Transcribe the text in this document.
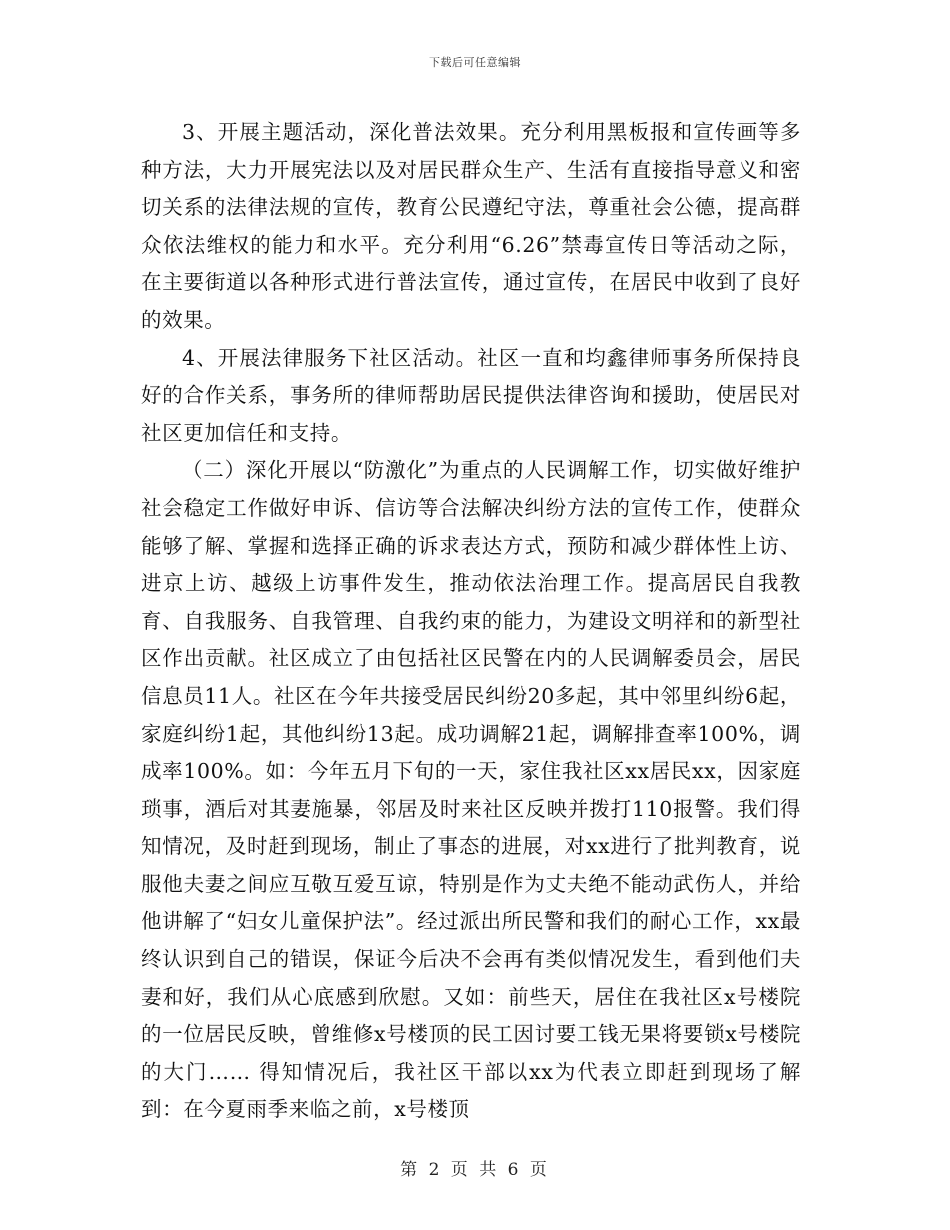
下载后可任意编辑

3、开展主题活动，深化普法效果。充分利用黑板报和宣传画等多种方法，大力开展宪法以及对居民群众生产、生活有直接指导意义和密切关系的法律法规的宣传，教育公民遵纪守法，尊重社会公德，提高群众依法维权的能力和水平。充分利用“6.26”禁毒宣传日等活动之际，在主要街道以各种形式进行普法宣传，通过宣传，在居民中收到了良好的效果。

4、开展法律服务下社区活动。社区一直和均鑫律师事务所保持良好的合作关系，事务所的律师帮助居民提供法律咨询和援助，使居民对社区更加信任和支持。

（二）深化开展以“防激化”为重点的人民调解工作，切实做好维护社会稳定工作做好申诉、信访等合法解决纠纷方法的宣传工作，使群众能够了解、掌握和选择正确的诉求表达方式，预防和减少群体性上访、进京上访、越级上访事件发生，推动依法治理工作。提高居民自我教育、自我服务、自我管理、自我约束的能力，为建设文明祥和的新型社区作出贡献。社区成立了由包括社区民警在内的人民调解委员会，居民信息员11人。社区在今年共接受居民纠纷20多起，其中邻里纠纷6起，家庭纠纷1起，其他纠纷13起。成功调解21起，调解排查率100%，调成率100%。如：今年五月下旬的一天，家住我社区xx居民xx，因家庭琐事，酒后对其妻施暴，邻居及时来社区反映并拨打110报警。我们得知情况，及时赶到现场，制止了事态的进展，对xx进行了批判教育，说服他夫妻之间应互敬互爱互谅，特别是作为丈夫绝不能动武伤人，并给他讲解了“妇女儿童保护法”。经过派出所民警和我们的耐心工作，xx最终认识到自己的错误，保证今后决不会再有类似情况发生，看到他们夫妻和好，我们从心底感到欣慰。又如：前些天，居住在我社区x号楼院的一位居民反映，曾维修x号楼顶的民工因讨要工钱无果将要锁x号楼院的大门…… 得知情况后，我社区干部以xx为代表立即赶到现场了解到：在今夏雨季来临之前，x号楼顶

第 2 页 共 6 页
